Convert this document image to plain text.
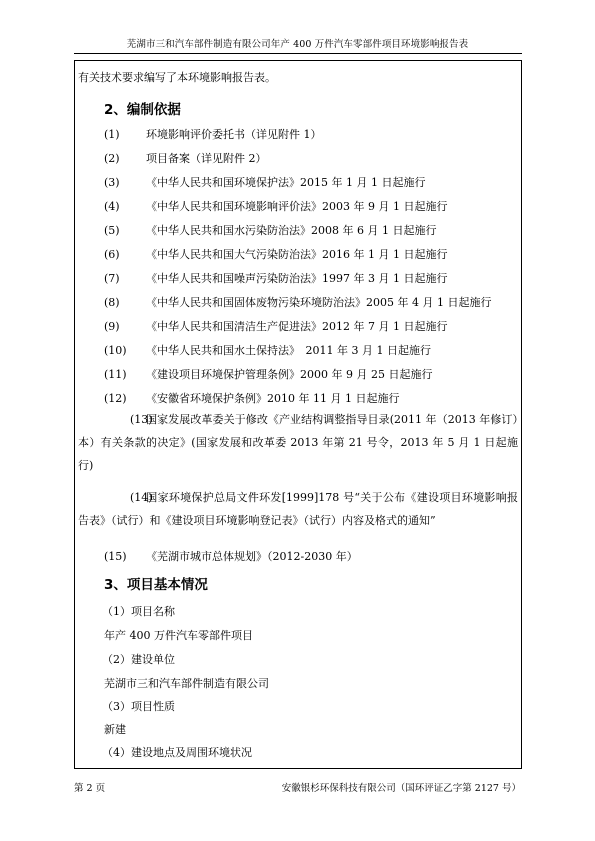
芜湖市三和汽车部件制造有限公司年产 400 万件汽车零部件项目环境影响报告表
有关技术要求编写了本环境影响报告表。
2、编制依据
(1) 环境影响评价委托书（详见附件 1）
(2) 项目备案（详见附件 2）
(3) 《中华人民共和国环境保护法》2015 年 1 月 1 日起施行
(4) 《中华人民共和国环境影响评价法》2003 年 9 月 1 日起施行
(5) 《中华人民共和国水污染防治法》2008 年 6 月 1 日起施行
(6) 《中华人民共和国大气污染防治法》2016 年 1 月 1 日起施行
(7) 《中华人民共和国噪声污染防治法》1997 年 3 月 1 日起施行
(8) 《中华人民共和国固体废物污染环境防治法》2005 年 4 月 1 日起施行
(9) 《中华人民共和国清洁生产促进法》2012 年 7 月 1 日起施行
(10) 《中华人民共和国水土保持法》　2011 年 3 月 1 日起施行
(11) 《建设项目环境保护管理条例》2000 年 9 月 25 日起施行
(12) 《安徽省环境保护条例》2010 年 11 月 1 日起施行
(13)国家发展改革委关于修改《产业结构调整指导目录(2011 年（2013 年修订）本）有关条款的决定》(国家发展和改革委 2013 年第 21 号令，2013 年 5 月 1 日起施行)
(14)国家环境保护总局文件环发[1999]178 号“关于公布《建设项目环境影响报告表》（试行）和《建设项目环境影响登记表》（试行）内容及格式的通知”
(15) 《芜湖市城市总体规划》（2012-2030 年）
3、项目基本情况
（1）项目名称
年产 400 万件汽车零部件项目
（2）建设单位
芜湖市三和汽车部件制造有限公司
（3）项目性质
新建
（4）建设地点及周围环境状况
第 2 页	安徽银杉环保科技有限公司（国环评证乙字第 2127 号）
